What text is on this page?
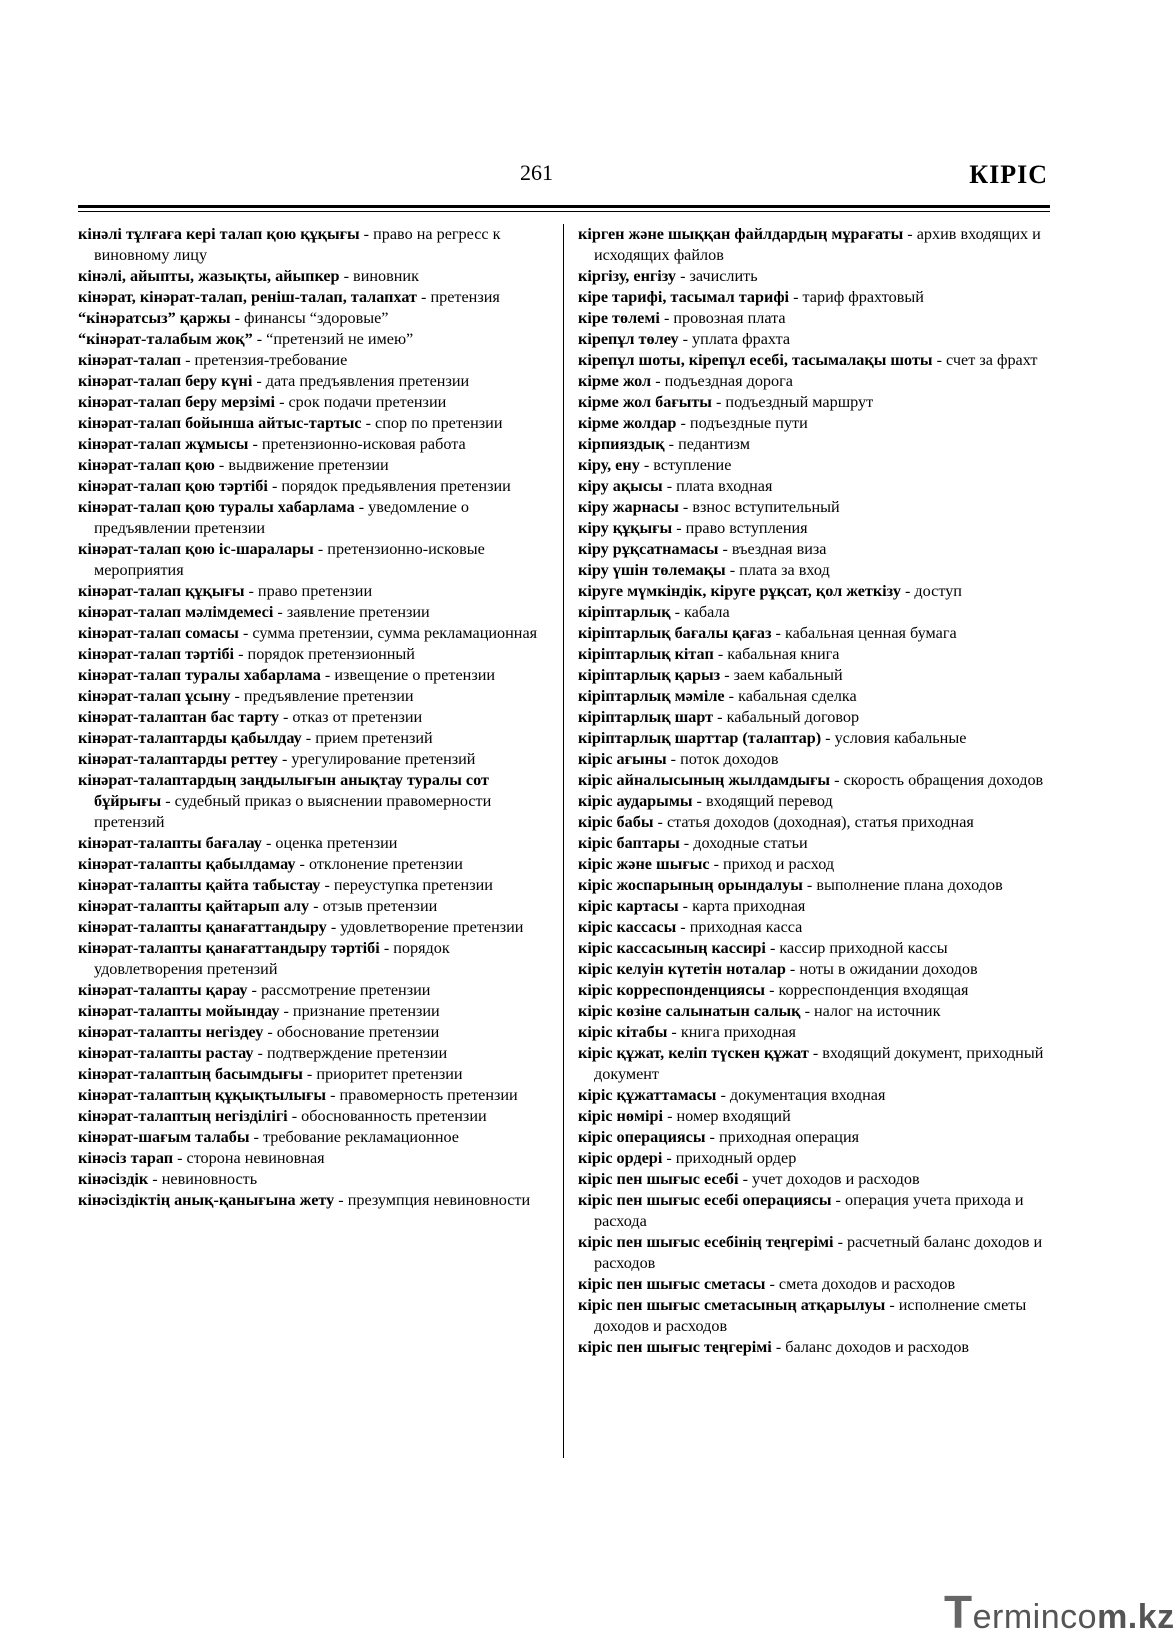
261	КІРІС

кінәлі тұлғаға кері талап қою құқығы - право на регресс к виновному лицу

кінәлі, айыпты, жазықты, айыпкер - виновник

кінәрат, кінәрат-талап, реніш-талап, талапхат - претензия

“кінәратсыз” қаржы - финансы “здоровые”

“кінәрат-талабым жоқ” - “претензий не имею”

кінәрат-талап - претензия-требование

кінәрат-талап беру күні - дата предъявления претензии

кінәрат-талап беру мерзімі - срок подачи претензии

кінәрат-талап бойынша айтыс-тартыс - спор по претензии

кінәрат-талап жұмысы - претензионно-исковая работа

кінәрат-талап қою - выдвижение претензии

кінәрат-талап қою тәртібі - порядок предьявления претензии

кінәрат-талап қою туралы хабарлама - уведомление о предъявлении претензии

кінәрат-талап қою іс-шаралары - претензионно-исковые мероприятия

кінәрат-талап құқығы - право претензии

кінәрат-талап мәлімдемесі - заявление претензии

кінәрат-талап сомасы - сумма претензии, сумма рекламационная

кінәрат-талап тәртібі - порядок претензионный

кінәрат-талап туралы хабарлама - извещение о претензии

кінәрат-талап ұсыну - предъявление претензии

кінәрат-талаптан бас тарту - отказ от претензии

кінәрат-талаптарды қабылдау - прием претензий

кінәрат-талаптарды реттеу - урегулирование претензий

кінәрат-талаптардың заңдылығын анықтау туралы сот бұйрығы - судебный приказ о выяснении правомерности претензий

кінәрат-талапты бағалау - оценка претензии

кінәрат-талапты қабылдамау - отклонение претензии

кінәрат-талапты қайта табыстау - переуступка претензии

кінәрат-талапты қайтарып алу - отзыв претензии

кінәрат-талапты қанағаттандыру - удовлетворение претензии

кінәрат-талапты қанағаттандыру тәртібі - порядок удовлетворения претензий

кінәрат-талапты қарау - рассмотрение претензии

кінәрат-талапты мойындау - признание претензии

кінәрат-талапты негіздеу - обоснование претензии

кінәрат-талапты растау - подтверждение претензии

кінәрат-талаптың басымдығы - приоритет претензии

кінәрат-талаптың құқықтылығы - правомерность претензии

кінәрат-талаптың негізділігі - обоснованность претензии

кінәрат-шағым талабы - требование рекламационное

кінәсіз тарап - сторона невиновная

кінәсіздік - невиновность

кінәсіздіктің анық-қанығына жету - презумпция невиновности

кірген және шыққан файлдардың мұрағаты - архив входящих и исходящих файлов

кіргізу, енгізу - зачислить

кіре тарифі, тасымал тарифі - тариф фрахтовый

кіре төлемі - провозная плата

кірепұл төлеу - уплата фрахта

кірепұл шоты, кірепұл есебі, тасымалақы шоты - счет за фрахт

кірме жол - подъездная дорога

кірме жол бағыты - подъездный маршрут

кірме жолдар - подъездные пути

кірпияздық - педантизм

кіру, ену - вступление

кіру ақысы - плата входная

кіру жарнасы - взнос вступительный

кіру құқығы - право вступления

кіру рұқсатнамасы - въездная виза

кіру үшін төлемақы - плата за вход

кіруге мүмкіндік, кіруге рұқсат, қол жеткізу - доступ

кіріптарлық - кабала

кіріптарлық бағалы қағаз - кабальная ценная бумага

кіріптарлық кітап - кабальная книга

кіріптарлық қарыз - заем кабальный

кіріптарлық мәміле - кабальная сделка

кіріптарлық шарт - кабальный договор

кіріптарлық шарттар (талаптар) - условия кабальные

кіріс ағыны - поток доходов

кіріс айналысының жылдамдығы - скорость обращения доходов

кіріс аударымы - входящий перевод

кіріс бабы - статья доходов (доходная), статья приходная

кіріс баптары - доходные статьи

кіріс және шығыс - приход и расход

кіріс жоспарының орындалуы - выполнение плана доходов

кіріс картасы - карта приходная

кіріс кассасы - приходная касса

кіріс кассасының кассирі - кассир приходной кассы

кіріс келуін күтетін ноталар - ноты в ожидании доходов

кіріс корреспонденциясы - корреспонденция входящая

кіріс көзіне салынатын салық - налог на источник

кіріс кітабы - книга приходная

кіріс құжат, келіп түскен құжат - входящий документ, приходный документ

кіріс құжаттамасы - документация входная

кіріс нөмірі - номер входящий

кіріс операциясы - приходная операция

кіріс ордері - приходный ордер

кіріс пен шығыс есебі - учет доходов и расходов

кіріс пен шығыс есебі операциясы - операция учета прихода и расхода

кіріс пен шығыс есебінің теңгерімі - расчетный баланс доходов и расходов

кіріс пен шығыс сметасы - смета доходов и расходов

кіріс пен шығыс сметасының атқарылуы - исполнение сметы доходов и расходов

кіріс пен шығыс теңгерімі - баланс доходов и расходов

Termincоm.kz
